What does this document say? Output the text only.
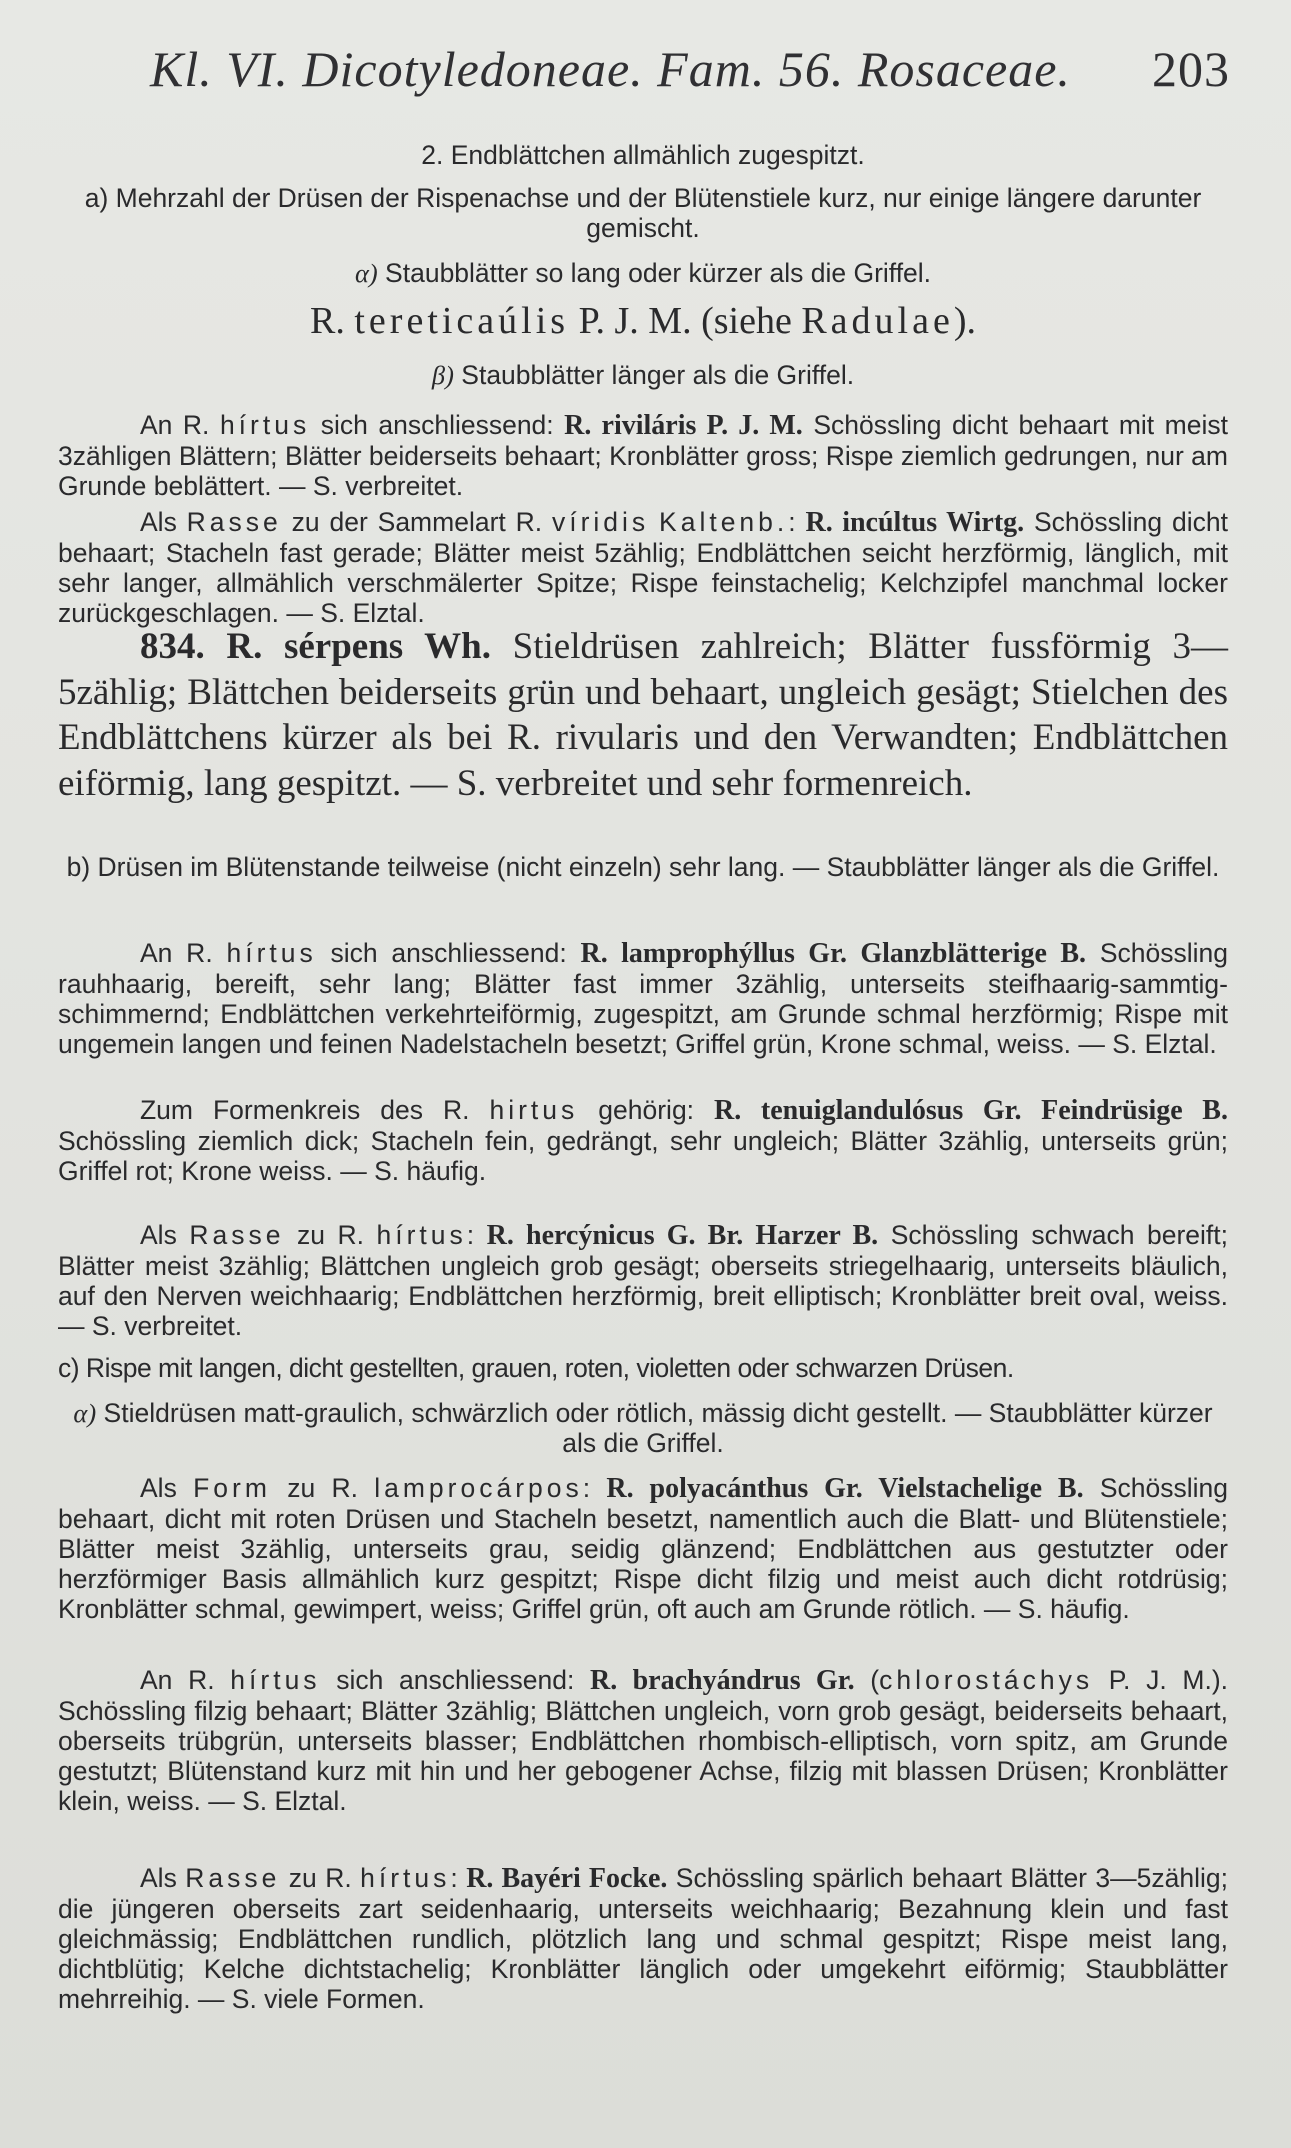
Kl. VI. Dicotyledoneae. Fam. 56. Rosaceae. 203
2. Endblättchen allmählich zugespitzt.
a) Mehrzahl der Drüsen der Rispenachse und der Blütenstiele kurz, nur einige längere darunter gemischt.
α) Staubblätter so lang oder kürzer als die Griffel.
R. tereticaúlis P. J. M. (siehe Radulae).
β) Staubblätter länger als die Griffel.
An R. hírtus sich anschliessend: R. riviláris P. J. M. Schössling dicht behaart mit meist 3zähligen Blättern; Blätter beiderseits behaart; Kronblätter gross; Rispe ziemlich gedrungen, nur am Grunde beblättert. — S. verbreitet.
Als Rasse zu der Sammelart R. víridis Kaltenb.: R. incúltus Wirtg. Schössling dicht behaart; Stacheln fast gerade; Blätter meist 5zählig; Endblättchen seicht herzförmig, länglich, mit sehr langer, allmählich verschmälerter Spitze; Rispe feinstachelig; Kelchzipfel manchmal locker zurückgeschlagen. — S. Elztal.
834. R. sérpens Wh. Stieldrüsen zahlreich; Blätter fussförmig 3—5zählig; Blättchen beiderseits grün und behaart, ungleich gesägt; Stielchen des Endblättchens kürzer als bei R. rivularis und den Verwandten; Endblättchen eiförmig, lang gespitzt. — S. verbreitet und sehr formenreich.
b) Drüsen im Blütenstande teilweise (nicht einzeln) sehr lang. — Staubblätter länger als die Griffel.
An R. hírtus sich anschliessend: R. lamprophýllus Gr. Glanzblätterige B. Schössling rauhhaarig, bereift, sehr lang; Blätter fast immer 3zählig, unterseits steifhaarig-sammtig-schimmernd; Endblättchen verkehrteiförmig, zugespitzt, am Grunde schmal herzförmig; Rispe mit ungemein langen und feinen Nadelstacheln besetzt; Griffel grün, Krone schmal, weiss. — S. Elztal.
Zum Formenkreis des R. hirtus gehörig: R. tenuiglandulósus Gr. Feindrüsige B. Schössling ziemlich dick; Stacheln fein, gedrängt, sehr ungleich; Blätter 3zählig, unterseits grün; Griffel rot; Krone weiss. — S. häufig.
Als Rasse zu R. hírtus: R. hercýnicus G. Br. Harzer B. Schössling schwach bereift; Blätter meist 3zählig; Blättchen ungleich grob gesägt; oberseits striegelhaarig, unterseits bläulich, auf den Nerven weichhaarig; Endblättchen herzförmig, breit elliptisch; Kronblätter breit oval, weiss. — S. verbreitet.
c) Rispe mit langen, dicht gestellten, grauen, roten, violetten oder schwarzen Drüsen.
α) Stieldrüsen matt-graulich, schwärzlich oder rötlich, mässig dicht gestellt. — Staubblätter kürzer als die Griffel.
Als Form zu R. lamprocárpos: R. polyacánthus Gr. Vielstachelige B. Schössling behaart, dicht mit roten Drüsen und Stacheln besetzt, namentlich auch die Blatt- und Blütenstiele; Blätter meist 3zählig, unterseits grau, seidig glänzend; Endblättchen aus gestutzter oder herzförmiger Basis allmählich kurz gespitzt; Rispe dicht filzig und meist auch dicht rotdrüsig; Kronblätter schmal, gewimpert, weiss; Griffel grün, oft auch am Grunde rötlich. — S. häufig.
An R. hírtus sich anschliessend: R. brachyándrus Gr. (chlorostáchys P. J. M.). Schössling filzig behaart; Blätter 3zählig; Blättchen ungleich, vorn grob gesägt, beiderseits behaart, oberseits trübgrün, unterseits blasser; Endblättchen rhombisch-elliptisch, vorn spitz, am Grunde gestutzt; Blütenstand kurz mit hin und her gebogener Achse, filzig mit blassen Drüsen; Kronblätter klein, weiss. — S. Elztal.
Als Rasse zu R. hírtus: R. Bayéri Focke. Schössling spärlich behaart Blätter 3—5zählig; die jüngeren oberseits zart seidenhaarig, unterseits weichhaarig; Bezahnung klein und fast gleichmässig; Endblättchen rundlich, plötzlich lang und schmal gespitzt; Rispe meist lang, dichtblütig; Kelche dichtstachelig; Kronblätter länglich oder umgekehrt eiförmig; Staubblätter mehrreihig. — S. viele Formen.
